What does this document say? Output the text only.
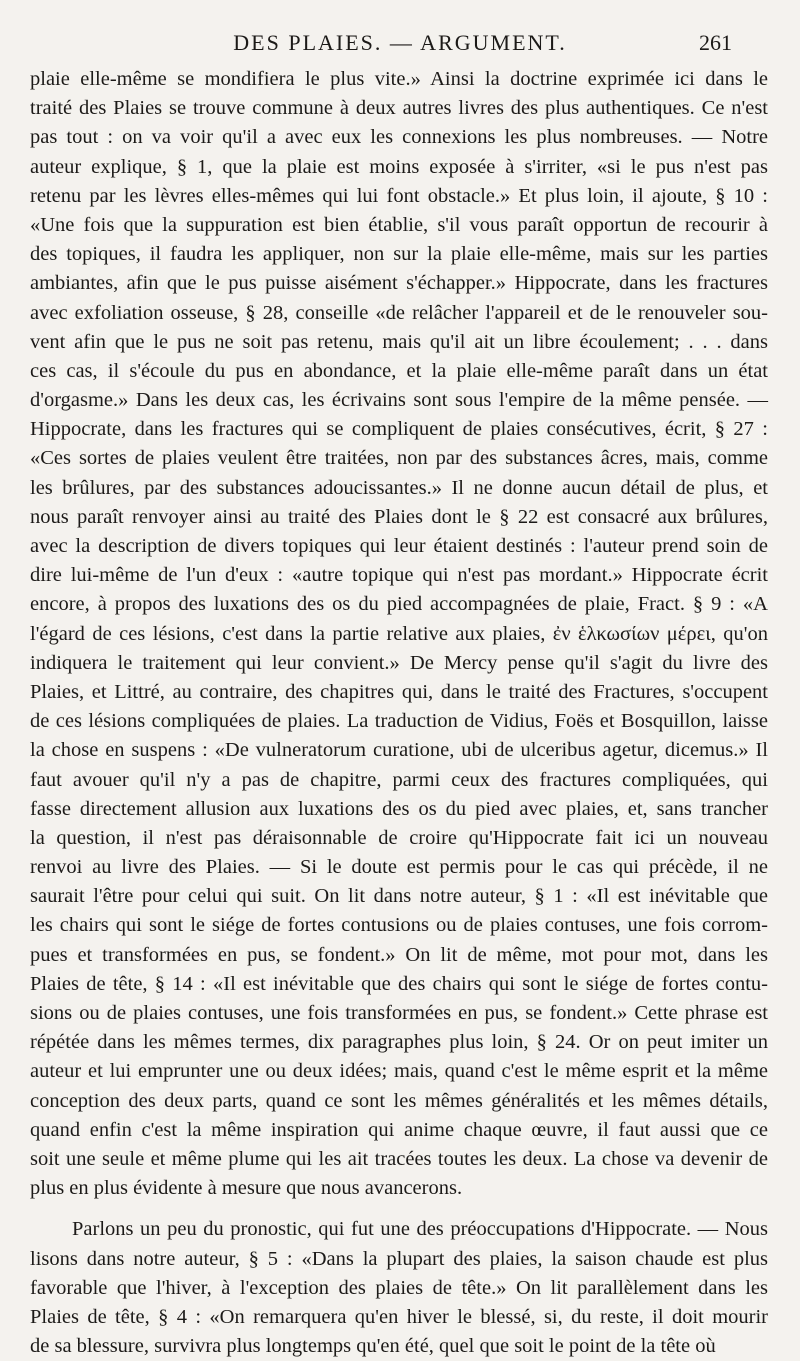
DES PLAIES. — ARGUMENT.	261
plaie elle-même se mondifiera le plus vite.» Ainsi la doctrine exprimée ici dans le
traité des Plaies se trouve commune à deux autres livres des plus authentiques. Ce n'est
pas tout : on va voir qu'il a avec eux les connexions les plus nombreuses. — Notre
auteur explique, § 1, que la plaie est moins exposée à s'irriter, «si le pus n'est pas
retenu par les lèvres elles-mêmes qui lui font obstacle.» Et plus loin, il ajoute, § 10 :
«Une fois que la suppuration est bien établie, s'il vous paraît opportun de recourir à
des topiques, il faudra les appliquer, non sur la plaie elle-même, mais sur les parties
ambiantes, afin que le pus puisse aisément s'échapper.» Hippocrate, dans les fractures
avec exfoliation osseuse, § 28, conseille «de relâcher l'appareil et de le renouveler sou-
vent afin que le pus ne soit pas retenu, mais qu'il ait un libre écoulement; . . . dans
ces cas, il s'écoule du pus en abondance, et la plaie elle-même paraît dans un état
d'orgasme.» Dans les deux cas, les écrivains sont sous l'empire de la même pensée. —
Hippocrate, dans les fractures qui se compliquent de plaies consécutives, écrit, § 27 :
«Ces sortes de plaies veulent être traitées, non par des substances âcres, mais, comme
les brûlures, par des substances adoucissantes.» Il ne donne aucun détail de plus, et
nous paraît renvoyer ainsi au traité des Plaies dont le § 22 est consacré aux brûlures,
avec la description de divers topiques qui leur étaient destinés : l'auteur prend soin de
dire lui-même de l'un d'eux : «autre topique qui n'est pas mordant.» Hippocrate écrit
encore, à propos des luxations des os du pied accompagnées de plaie, Fract. § 9 : «A
l'égard de ces lésions, c'est dans la partie relative aux plaies, ἐν ἑλκωσίων μέρει, qu'on
indiquera le traitement qui leur convient.» De Mercy pense qu'il s'agit du livre des
Plaies, et Littré, au contraire, des chapitres qui, dans le traité des Fractures, s'occupent
de ces lésions compliquées de plaies. La traduction de Vidius, Foës et Bosquillon, laisse
la chose en suspens : «De vulneratorum curatione, ubi de ulceribus agetur, dicemus.» Il
faut avouer qu'il n'y a pas de chapitre, parmi ceux des fractures compliquées, qui
fasse directement allusion aux luxations des os du pied avec plaies, et, sans trancher
la question, il n'est pas déraisonnable de croire qu'Hippocrate fait ici un nouveau
renvoi au livre des Plaies. — Si le doute est permis pour le cas qui précède, il ne
saurait l'être pour celui qui suit. On lit dans notre auteur, § 1 : «Il est inévitable que
les chairs qui sont le siége de fortes contusions ou de plaies contuses, une fois corrom-
pues et transformées en pus, se fondent.» On lit de même, mot pour mot, dans les
Plaies de tête, § 14 : «Il est inévitable que des chairs qui sont le siége de fortes contu-
sions ou de plaies contuses, une fois transformées en pus, se fondent.» Cette phrase est
répétée dans les mêmes termes, dix paragraphes plus loin, § 24. Or on peut imiter un
auteur et lui emprunter une ou deux idées; mais, quand c'est le même esprit et la même
conception des deux parts, quand ce sont les mêmes généralités et les mêmes détails,
quand enfin c'est la même inspiration qui anime chaque œuvre, il faut aussi que ce
soit une seule et même plume qui les ait tracées toutes les deux. La chose va devenir de
plus en plus évidente à mesure que nous avancerons.
Parlons un peu du pronostic, qui fut une des préoccupations d'Hippocrate. — Nous
lisons dans notre auteur, § 5 : «Dans la plupart des plaies, la saison chaude est plus
favorable que l'hiver, à l'exception des plaies de tête.» On lit parallèlement dans les
Plaies de tête, § 4 : «On remarquera qu'en hiver le blessé, si, du reste, il doit mourir
de sa blessure, survivra plus longtemps qu'en été, quel que soit le point de la tête où
